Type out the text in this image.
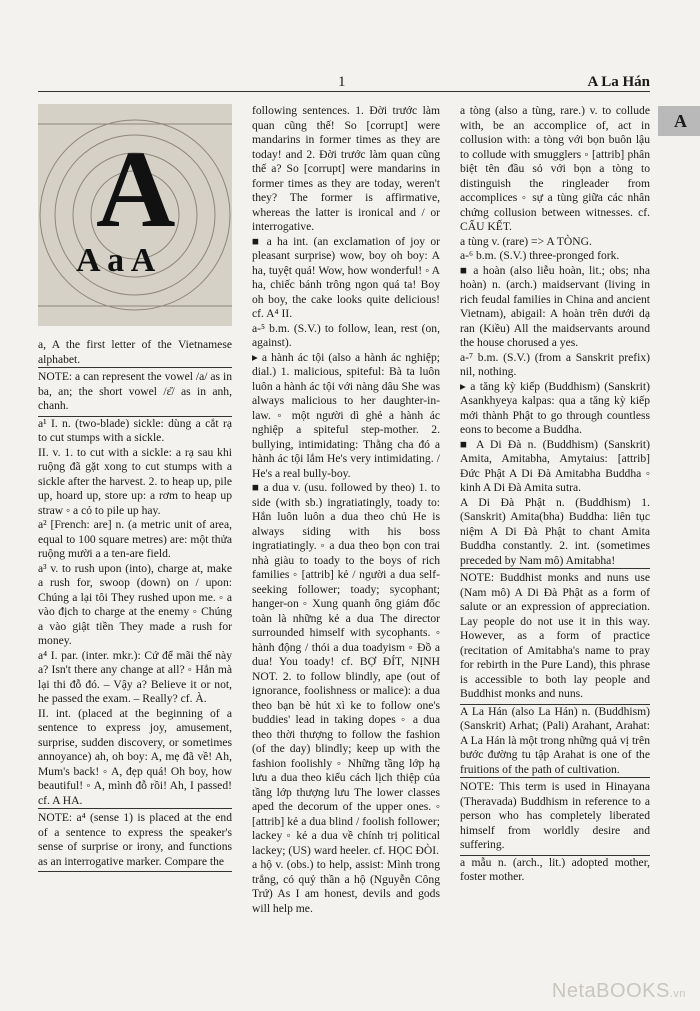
1	A La Hán
A
A
A a A

a, A the first letter of the Vietnamese alphabet.

NOTE: a can represent the vowel /a/ as in ba, an; the short vowel /ɛ̆/ as in anh, chanh.

a¹ I. n. (two-blade) sickle: dùng a cắt rạ to cut stumps with a sickle.

II. v. 1. to cut with a sickle: a rạ sau khi ruộng đã gặt xong to cut stumps with a sickle after the harvest. 2. to heap up, pile up, hoard up, store up: a rơm to heap up straw ◦ a cỏ to pile up hay.

a² [French: are] n. (a metric unit of area, equal to 100 square metres) are: một thửa ruộng mười a a ten-are field.

a³ v. to rush upon (into), charge at, make a rush for, swoop (down) on / upon: Chúng a lại tôi They rushed upon me. ◦ a vào địch to charge at the enemy ◦ Chúng a vào giật tiền They made a rush for money.

a⁴ I. par. (inter. mkr.): Cứ để mãi thế này a? Isn't there any change at all? ◦ Hắn mà lại thi đỗ đó. – Vậy a? Believe it or not, he passed the exam. – Really? cf. À.

II. int. (placed at the beginning of a sentence to express joy, amusement, surprise, sudden discovery, or sometimes annoyance) ah, oh boy: A, mẹ đã về! Ah, Mum's back! ◦ A, đẹp quá! Oh boy, how beautiful! ◦ A, mình đỗ rồi! Ah, I passed! cf. A HA.

NOTE: a⁴ (sense 1) is placed at the end of a sentence to express the speaker's sense of surprise or irony, and functions as an interrogative marker. Compare the

following sentences. 1. Đời trước làm quan cũng thế! So [corrupt] were mandarins in former times as they are today! and 2. Đời trước làm quan cũng thế a? So [corrupt] were mandarins in former times as they are today, weren't they? The former is affirmative, whereas the latter is ironical and / or interrogative.

■ a ha int. (an exclamation of joy or pleasant surprise) wow, boy oh boy: A ha, tuyệt quá! Wow, how wonderful! ◦ A ha, chiếc bánh trông ngon quá ta! Boy oh boy, the cake looks quite delicious! cf. A⁴ II.

a-⁵ b.m. (S.V.) to follow, lean, rest (on, against).

▸ a hành ác tội (also a hành ác nghiệp; dial.) 1. malicious, spiteful: Bà ta luôn luôn a hành ác tội với nàng dâu She was always malicious to her daughter-in-law. ◦ một người dì ghẻ a hành ác nghiệp a spiteful step-mother. 2. bullying, intimidating: Thằng cha đó a hành ác tội lắm He's very intimidating. / He's a real bully-boy.

■ a dua v. (usu. followed by theo) 1. to side (with sb.) ingratiatingly, toady to: Hắn luôn luôn a dua theo chủ He is always siding with his boss ingratiatingly. ◦ a dua theo bọn con trai nhà giàu to toady to the boys of rich families ◦ [attrib] kẻ / người a dua self-seeking follower; toady; sycophant; hanger-on ◦ Xung quanh ông giám đốc toàn là những kẻ a dua The director surrounded himself with sycophants. ◦ hành động / thói a dua toadyism ◦ Đồ a dua! You toady! cf. BỢ ĐÍT, NỊNH NOT. 2. to follow blindly, ape (out of ignorance, foolishness or malice): a dua theo bạn bè hút xì ke to follow one's buddies' lead in taking dopes ◦ a dua theo thời thượng to follow the fashion (of the day) blindly; keep up with the fashion foolishly ◦ Những tầng lớp hạ lưu a dua theo kiểu cách lịch thiệp của tầng lớp thượng lưu The lower classes aped the decorum of the upper ones. ◦ [attrib] kẻ a dua blind / foolish follower; lackey ◦ kẻ a dua về chính trị political lackey; (US) ward heeler. cf. HỌC ĐÒI.

a hộ v. (obs.) to help, assist: Mình trong trắng, có quỷ thần a hộ (Nguyễn Công Trứ) As I am honest, devils and gods will help me.

a tòng (also a tùng, rare.) v. to collude with, be an accomplice of, act in collusion with: a tòng với bọn buôn lậu to collude with smugglers ◦ [attrib] phân biệt tên đầu sỏ với bọn a tòng to distinguish the ringleader from accomplices ◦ sự a tùng giữa các nhân chứng collusion between witnesses. cf. CẤU KẾT.

a tùng v. (rare) => A TÒNG.

a-⁶ b.m. (S.V.) three-pronged fork.

■ a hoàn (also liễu hoàn, lit.; obs; nha hoàn) n. (arch.) maidservant (living in rich feudal families in China and ancient Vietnam), abigail: A hoàn trên dưới dạ ran (Kiều) All the maidservants around the house chorused a yes.

a-⁷ b.m. (S.V.) (from a Sanskrit prefix) nil, nothing.

▸ a tăng kỳ kiếp (Buddhism) (Sanskrit) Asankhyeya kalpas: qua a tăng kỳ kiếp mới thành Phật to go through countless eons to become a Buddha.

■ A Di Đà n. (Buddhism) (Sanskrit) Amita, Amitabha, Amytaius: [attrib] Đức Phật A Di Đà Amitabha Buddha ◦ kinh A Di Đà Amita sutra.

A Di Đà Phật n. (Buddhism) 1. (Sanskrit) Amita(bha) Buddha: liên tục niệm A Di Đà Phật to chant Amita Buddha constantly. 2. int. (sometimes preceded by Nam mô) Amitabha!

NOTE: Buddhist monks and nuns use (Nam mô) A Di Đà Phật as a form of salute or an expression of appreciation. Lay people do not use it in this way. However, as a form of practice (recitation of Amitabha's name to pray for rebirth in the Pure Land), this phrase is accessible to both lay people and Buddhist monks and nuns.

A La Hán (also La Hán) n. (Buddhism) (Sanskrit) Arhat; (Pali) Arahant, Arahat: A La Hán là một trong những quả vị trên bước đường tu tập Arahat is one of the fruitions of the path of cultivation.

NOTE: This term is used in Hinayana (Theravada) Buddhism in reference to a person who has completely liberated himself from worldly desire and suffering.

a mẫu n. (arch., lit.) adopted mother, foster mother.

NetaBOOKS.vn
